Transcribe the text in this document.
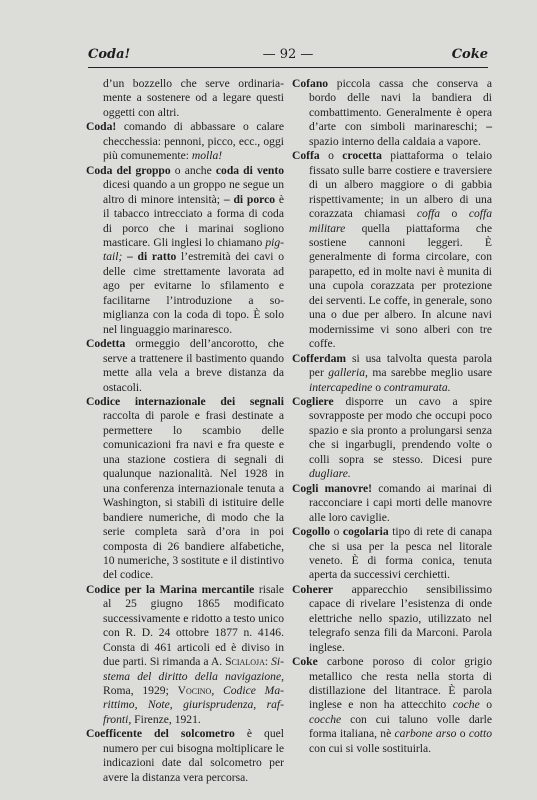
Coda!	— 92 —	Coke

d’un bozzello che serve ordinariamente a sostenere od a legare questi oggetti con altri.

Coda! comando di abbassare o calare checchessia: pennoni, picco, ecc., oggi più comunemente: molla!

Coda del groppo o anche coda di vento dicesi quando a un groppo ne segue un altro di minore intensità; ‒ di porco è il tabacco intrecciato a forma di coda di porco che i marinai sogliono masticare. Gli inglesi lo chiamano pig-tail; ‒ di ratto l’estremità dei cavi o delle cime strettamente lavorata ad ago per evitarne lo sfilamento e facilitarne l’introduzione a somiglianza con la coda di topo. È solo nel linguaggio marinaresco.

Codetta ormeggio dell’ancorotto, che serve a trattenere il bastimento quando mette alla vela a breve distanza da ostacoli.

Codice internazionale dei segnali raccolta di parole e frasi destinate a permettere lo scambio delle comunicazioni fra navi e fra queste e una stazione costiera di segnali di qualunque nazionalità. Nel 1928 in una conferenza internazionale tenuta a Washington, si stabilì di istituire delle bandiere numeriche, di modo che la serie completa sarà d’ora in poi composta di 26 bandiere alfabetiche, 10 numeriche, 3 sostitute e il distintivo del codice.

Codice per la Marina mercantile risale al 25 giugno 1865 modificato successivamente e ridotto a testo unico con R. D. 24 ottobre 1877 n. 4146. Consta di 461 articoli ed è diviso in due parti. Si rimanda a A. Scialoja: Sistema del diritto della navigazione, Roma, 1929; Vocino, Codice Marittimo, Note, giurisprudenza, raffronti, Firenze, 1921.

Coefficente del solcometro è quel numero per cui bisogna moltiplicare le indicazioni date dal solcometro per avere la distanza vera percorsa.

Cofano piccola cassa che conserva a bordo delle navi la bandiera di combattimento. Generalmente è opera d’arte con simboli marinareschi; ‒ spazio interno della caldaia a vapore.

Coffa o crocetta piattaforma o telaio fissato sulle barre costiere e traversiere di un albero maggiore o di gabbia rispettivamente; in un albero di una corazzata chiamasi coffa o coffa militare quella piattaforma che sostiene cannoni leggeri. È generalmente di forma circolare, con parapetto, ed in molte navi è munita di una cupola corazzata per protezione dei serventi. Le coffe, in generale, sono una o due per albero. In alcune navi modernissime vi sono alberi con tre coffe.

Cofferdam si usa talvolta questa parola per galleria, ma sarebbe meglio usare intercapedine o contramurata.

Cogliere disporre un cavo a spire sovrapposte per modo che occupi poco spazio e sia pronto a prolungarsi senza che si ingarbugli, prendendo volte o colli sopra se stesso. Dicesi pure dugliare.

Cogli manovre! comando ai marinai di racconciare i capi morti delle manovre alle loro caviglie.

Cogollo o cogolaria tipo di rete di canapa che si usa per la pesca nel litorale veneto. È di forma conica, tenuta aperta da successivi cerchietti.

Coherer apparecchio sensibilissimo capace di rivelare l’esistenza di onde elettriche nello spazio, utilizzato nel telegrafo senza fili da Marconi. Parola inglese.

Coke carbone poroso di color grigio metallico che resta nella storta di distillazione del litantrace. È parola inglese e non ha attecchito coche o cocche con cui taluno volle darle forma italiana, nè carbone arso o cotto con cui si volle sostituirla.
